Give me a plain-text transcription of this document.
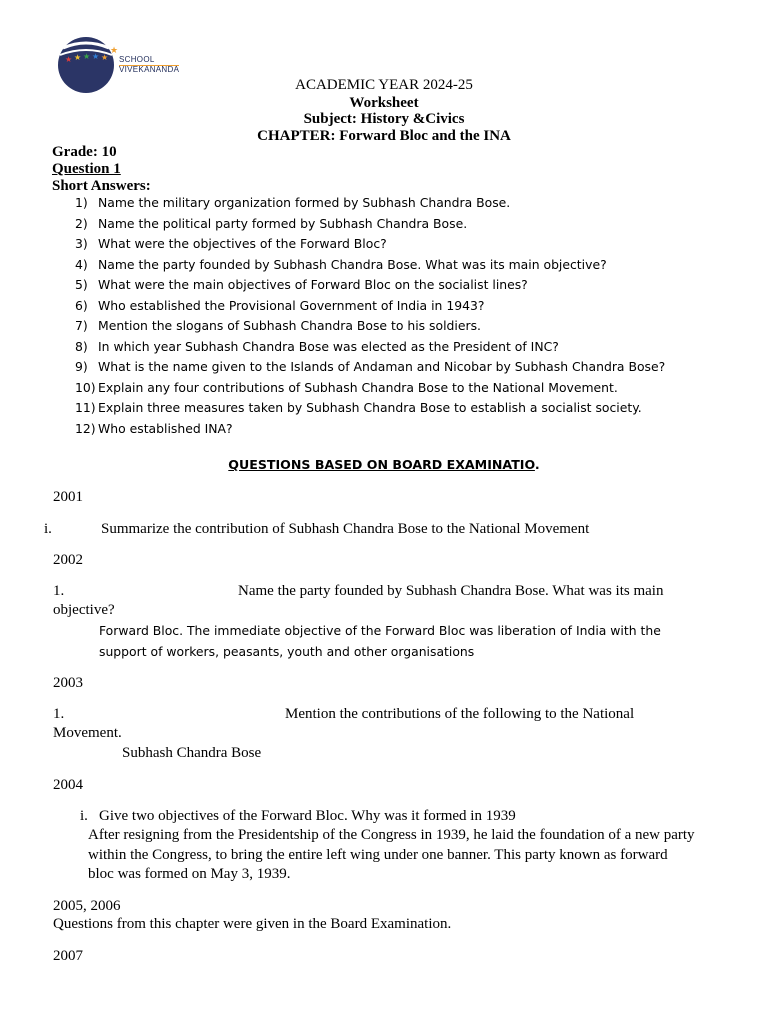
★ ★ ★ ★ ★
★
SCHOOL
VIVEKANANDA
ACADEMIC YEAR 2024-25
Worksheet
Subject: History &Civics
CHAPTER: Forward Bloc and the INA
Grade: 10
Question 1
Short Answers:
1) Name the military organization formed by Subhash Chandra Bose.
2) Name the political party formed by Subhash Chandra Bose.
3) What were the objectives of the Forward Bloc?
4) Name the party founded by Subhash Chandra Bose. What was its main objective?
5) What were the main objectives of Forward Bloc on the socialist lines?
6) Who established the Provisional Government of India in 1943?
7) Mention the slogans of Subhash Chandra Bose to his soldiers.
8) In which year Subhash Chandra Bose was elected as the President of INC?
9) What is the name given to the Islands of Andaman and Nicobar by Subhash Chandra Bose?
10) Explain any four contributions of Subhash Chandra Bose to the National Movement.
11) Explain three measures taken by Subhash Chandra Bose to establish a socialist society.
12) Who established INA?
QUESTIONS BASED ON BOARD EXAMINATIO.
2001
i.	Summarize the contribution of Subhash Chandra Bose to the National Movement
2002
1.	Name the party founded by Subhash Chandra Bose. What was its main
objective?
Forward Bloc. The immediate objective of the Forward Bloc was liberation of India with the
support of workers, peasants, youth and other organisations
2003
1.	Mention the contributions of the following to the National
Movement.
Subhash Chandra Bose
2004
i. Give two objectives of the Forward Bloc. Why was it formed in 1939
After resigning from the Presidentship of the Congress in 1939, he laid the foundation of a new party
within the Congress, to bring the entire left wing under one banner. This party known as forward
bloc was formed on May 3, 1939.
2005, 2006
Questions from this chapter were given in the Board Examination.
2007
